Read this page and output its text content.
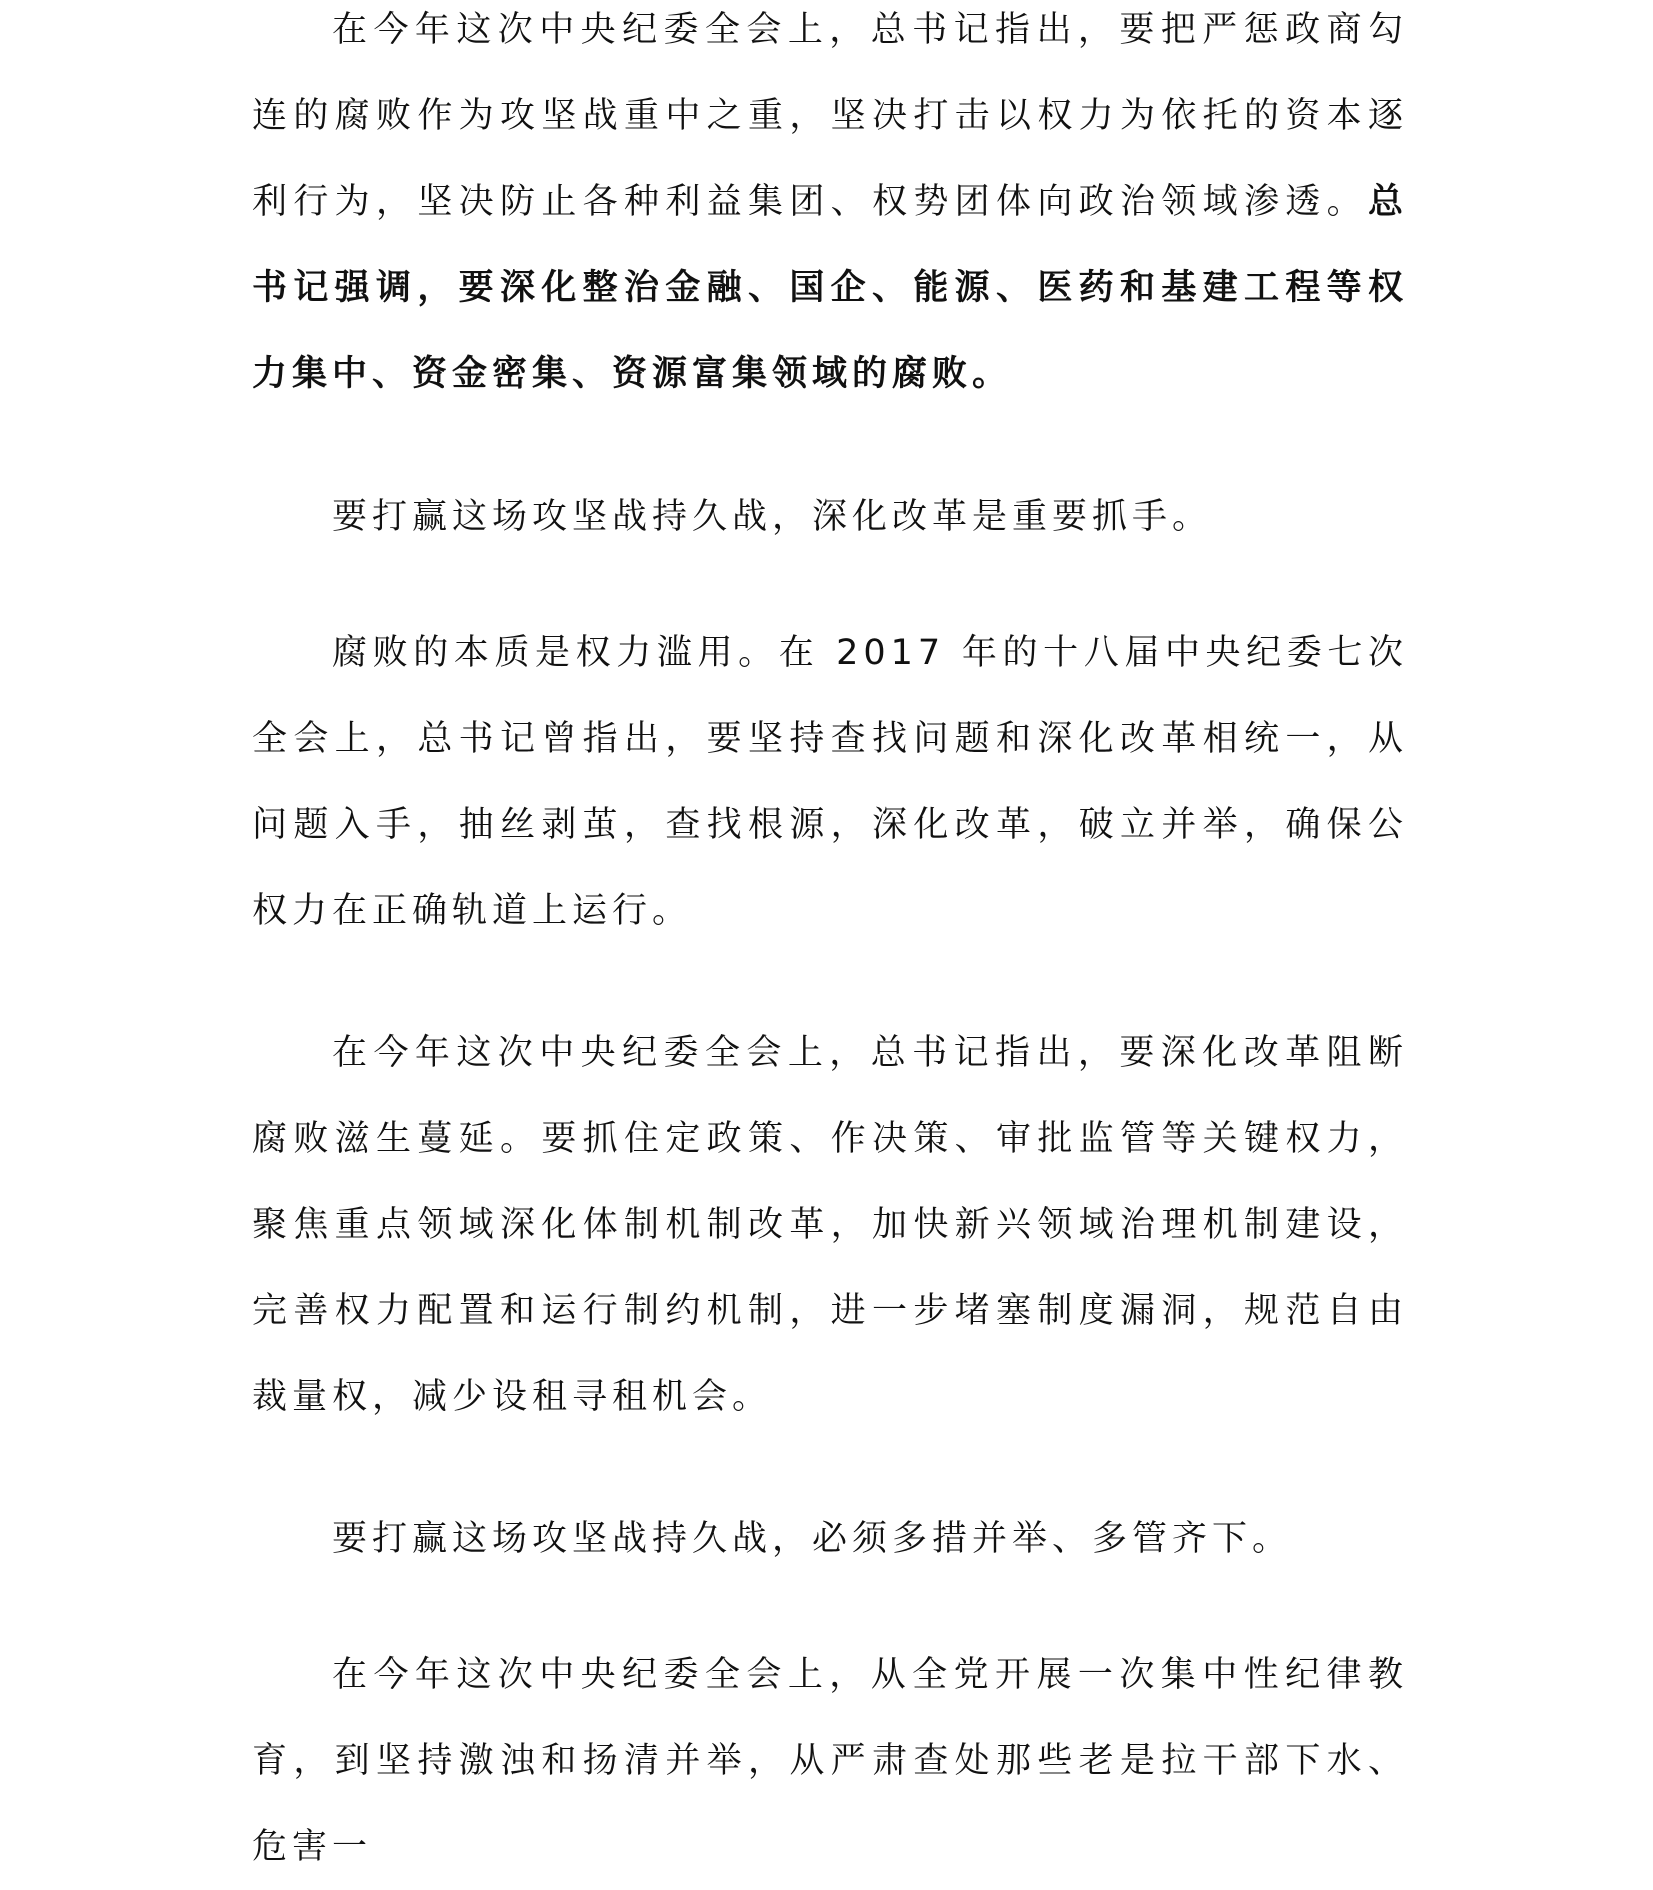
在今年这次中央纪委全会上，总书记指出，要把严惩政商勾连的腐败作为攻坚战重中之重，坚决打击以权力为依托的资本逐利行为，坚决防止各种利益集团、权势团体向政治领域渗透。总书记强调，要深化整治金融、国企、能源、医药和基建工程等权力集中、资金密集、资源富集领域的腐败。

要打赢这场攻坚战持久战，深化改革是重要抓手。

腐败的本质是权力滥用。在 2017 年的十八届中央纪委七次全会上，总书记曾指出，要坚持查找问题和深化改革相统一，从问题入手，抽丝剥茧，查找根源，深化改革，破立并举，确保公权力在正确轨道上运行。

在今年这次中央纪委全会上，总书记指出，要深化改革阻断腐败滋生蔓延。要抓住定政策、作决策、审批监管等关键权力，聚焦重点领域深化体制机制改革，加快新兴领域治理机制建设，完善权力配置和运行制约机制，进一步堵塞制度漏洞，规范自由裁量权，减少设租寻租机会。

要打赢这场攻坚战持久战，必须多措并举、多管齐下。

在今年这次中央纪委全会上，从全党开展一次集中性纪律教育，到坚持激浊和扬清并举，从严肃查处那些老是拉干部下水、危害一
